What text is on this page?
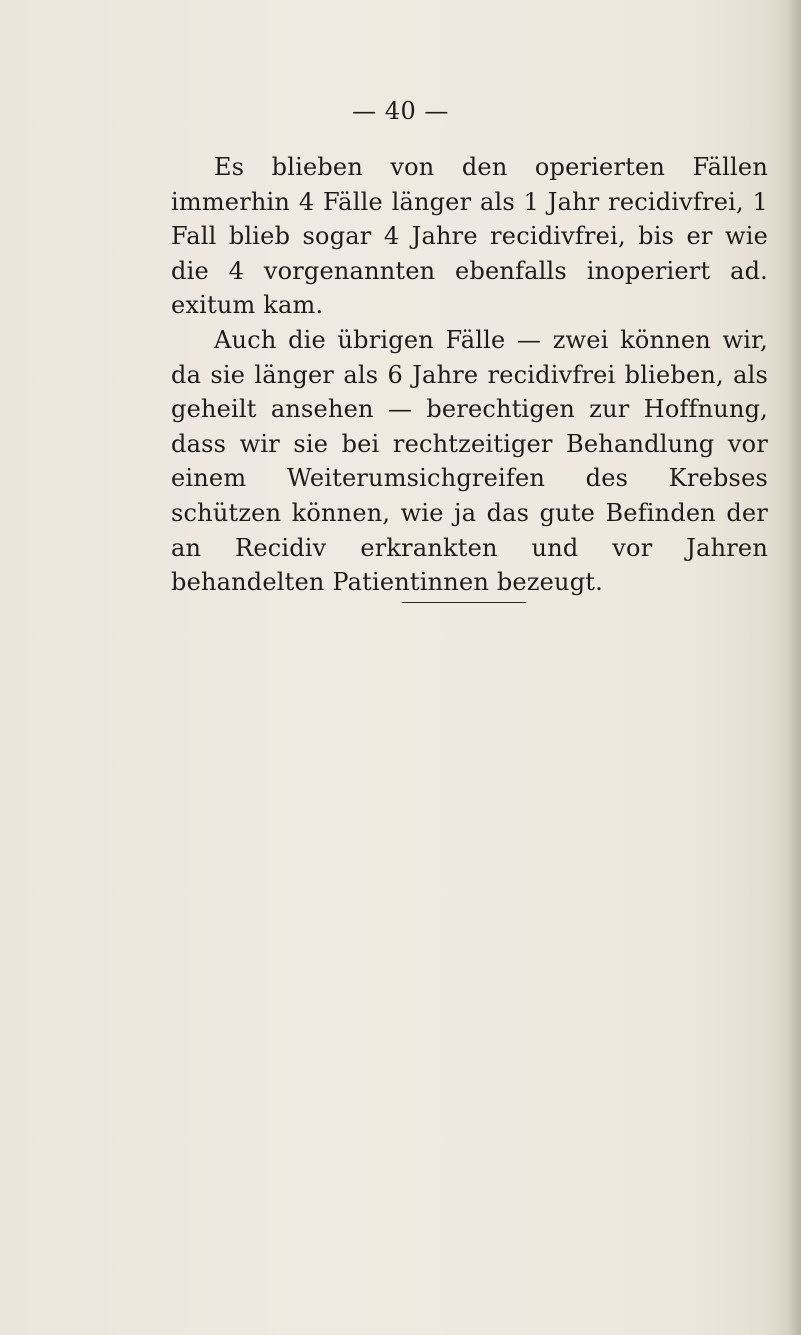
— 40 —

Es blieben von den operierten Fällen immerhin 4 Fälle länger als 1 Jahr recidivfrei, 1 Fall blieb sogar 4 Jahre recidivfrei, bis er wie die 4 vorgenannten ebenfalls inoperiert ad. exitum kam.

Auch die übrigen Fälle — zwei können wir, da sie länger als 6 Jahre recidivfrei blieben, als geheilt ansehen — berechtigen zur Hoffnung, dass wir sie bei rechtzeitiger Behandlung vor einem Weiterumsichgreifen des Krebses schützen können, wie ja das gute Befinden der an Recidiv erkrankten und vor Jahren behandelten Patientinnen bezeugt.
